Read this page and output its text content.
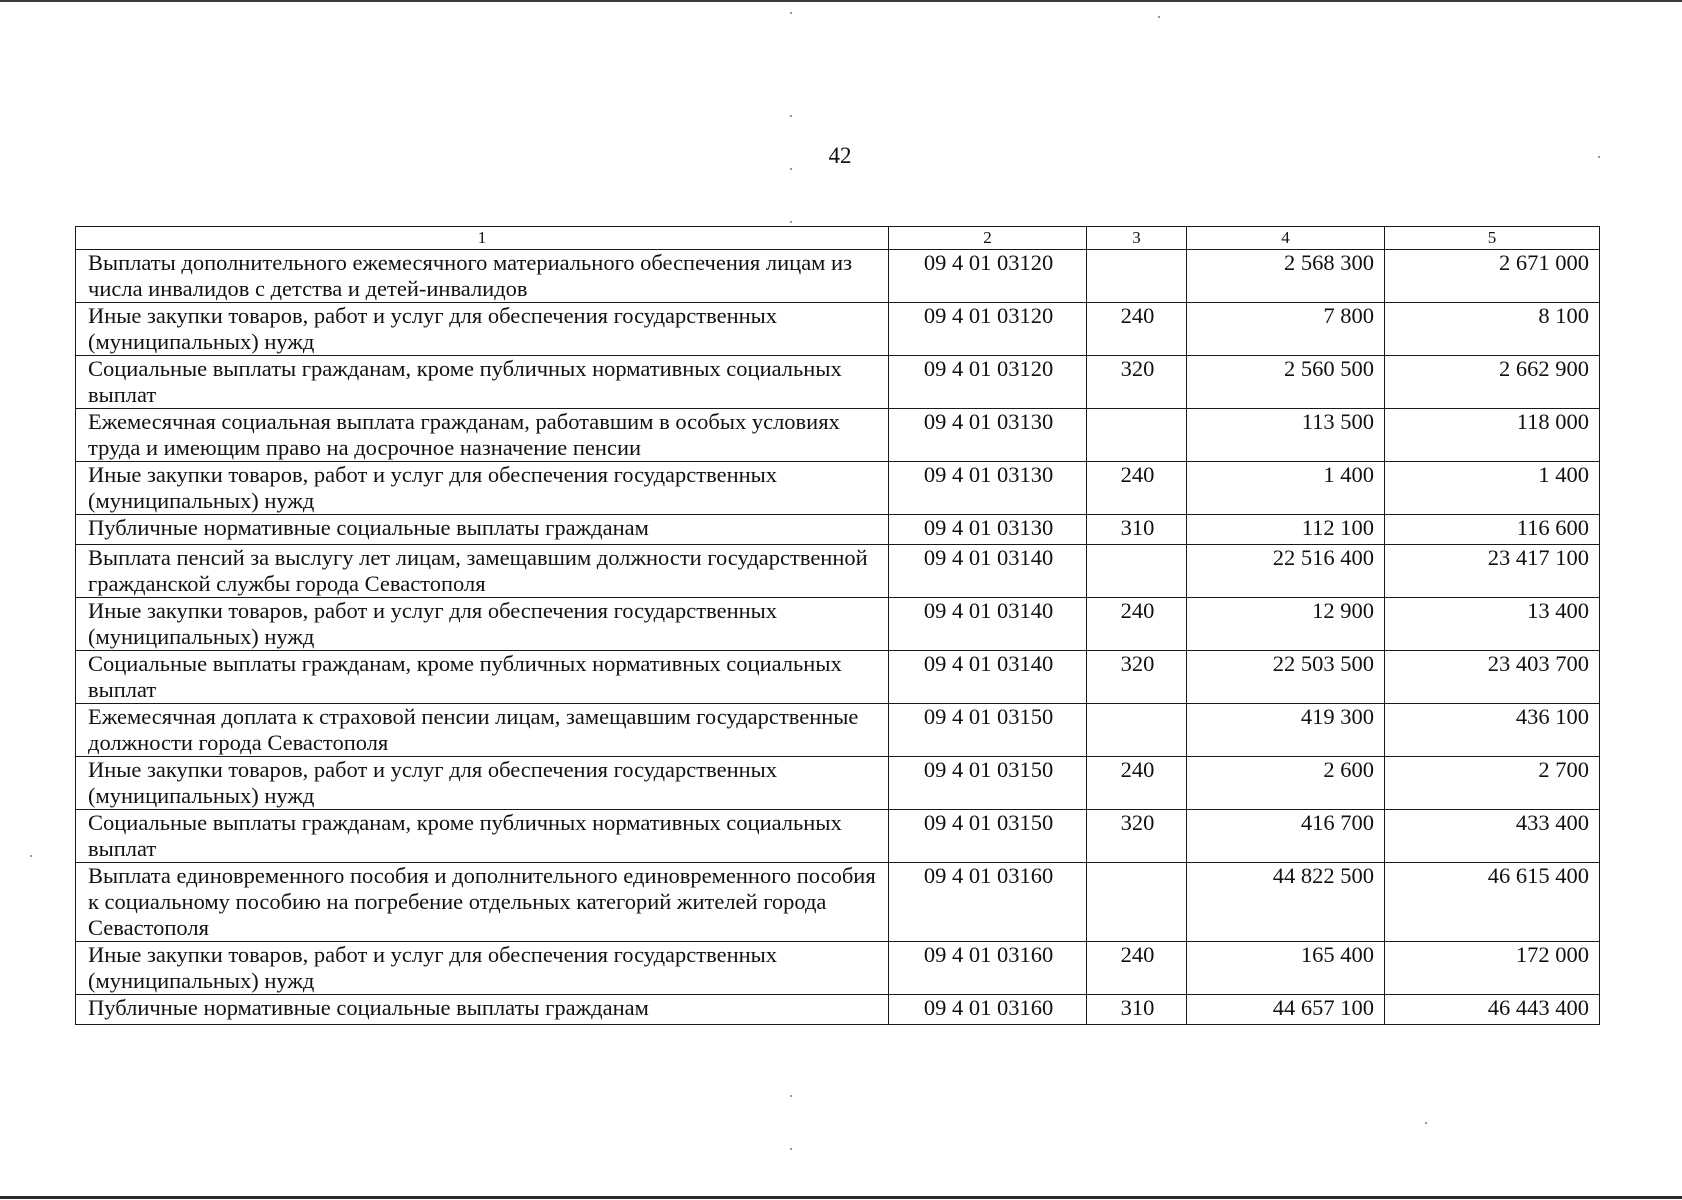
42
1	2	3	4	5
Выплаты дополнительного ежемесячного материального обеспечения лицам из числа инвалидов с детства и детей-инвалидов	09 4 01 03120		2 568 300	2 671 000
Иные закупки товаров, работ и услуг для обеспечения государственных (муниципальных) нужд	09 4 01 03120	240	7 800	8 100
Социальные выплаты гражданам, кроме публичных нормативных социальных выплат	09 4 01 03120	320	2 560 500	2 662 900
Ежемесячная социальная выплата гражданам, работавшим в особых условиях труда и имеющим право на досрочное назначение пенсии	09 4 01 03130		113 500	118 000
Иные закупки товаров, работ и услуг для обеспечения государственных (муниципальных) нужд	09 4 01 03130	240	1 400	1 400
Публичные нормативные социальные выплаты гражданам	09 4 01 03130	310	112 100	116 600
Выплата пенсий за выслугу лет лицам, замещавшим должности государственной гражданской службы города Севастополя	09 4 01 03140		22 516 400	23 417 100
Иные закупки товаров, работ и услуг для обеспечения государственных (муниципальных) нужд	09 4 01 03140	240	12 900	13 400
Социальные выплаты гражданам, кроме публичных нормативных социальных выплат	09 4 01 03140	320	22 503 500	23 403 700
Ежемесячная доплата к страховой пенсии лицам, замещавшим государственные должности города Севастополя	09 4 01 03150		419 300	436 100
Иные закупки товаров, работ и услуг для обеспечения государственных (муниципальных) нужд	09 4 01 03150	240	2 600	2 700
Социальные выплаты гражданам, кроме публичных нормативных социальных выплат	09 4 01 03150	320	416 700	433 400
Выплата единовременного пособия и дополнительного единовременного пособия к социальному пособию на погребение отдельных категорий жителей города Севастополя	09 4 01 03160		44 822 500	46 615 400
Иные закупки товаров, работ и услуг для обеспечения государственных (муниципальных) нужд	09 4 01 03160	240	165 400	172 000
Публичные нормативные социальные выплаты гражданам	09 4 01 03160	310	44 657 100	46 443 400
